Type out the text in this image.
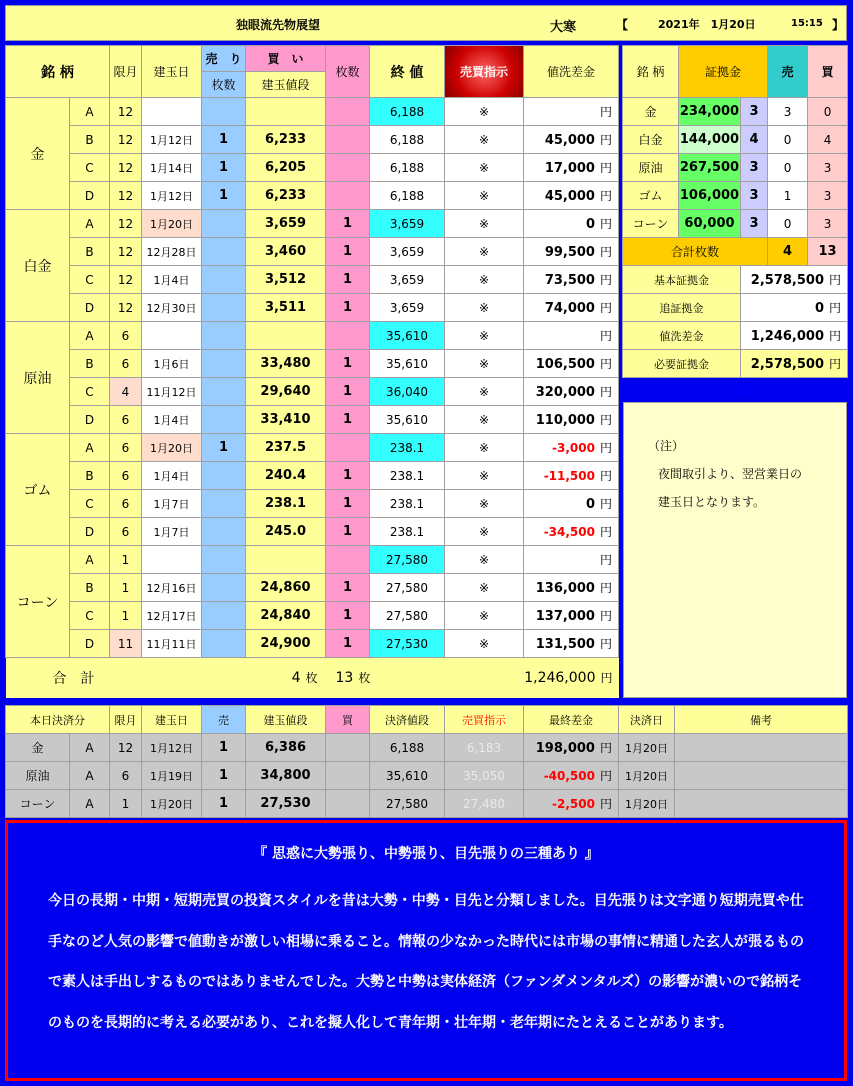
独眼流先物展望	大寒	【	2021年　1月20日	15:15 】
銘 柄		限月	建玉日	売　り	買　い	枚数	終 値	売買指示	値洗差金
				枚数	建玉値段				
金	A	12					6,188	※	円
	B	12	1月12日	1	6,233		6,188	※	45,000 円
	C	12	1月14日	1	6,205		6,188	※	17,000 円
	D	12	1月12日	1	6,233		6,188	※	45,000 円
白金	A	12	1月20日		3,659	1	3,659	※	0 円
	B	12	12月28日		3,460	1	3,659	※	99,500 円
	C	12	1月4日		3,512	1	3,659	※	73,500 円
	D	12	12月30日		3,511	1	3,659	※	74,000 円
原油	A	6					35,610	※	円
	B	6	1月6日		33,480	1	35,610	※	106,500 円
	C	4	11月12日		29,640	1	36,040	※	320,000 円
	D	6	1月4日		33,410	1	35,610	※	110,000 円
ゴム	A	6	1月20日	1	237.5		238.1	※	-3,000 円
	B	6	1月4日		240.4	1	238.1	※	-11,500 円
	C	6	1月7日		238.1	1	238.1	※	0 円
	D	6	1月7日		245.0	1	238.1	※	-34,500 円
コーン	A	1					27,580	※	円
	B	1	12月16日		24,860	1	27,580	※	136,000 円
	C	1	12月17日		24,840	1	27,580	※	137,000 円
	D	11	11月11日		24,900	1	27,530	※	131,500 円
合　計			4 枚			13 枚		1,246,000 円	
銘 柄	証拠金		売	買
金	234,000	3	3	0
白金	144,000	4	0	4
原油	267,500	3	0	3
ゴム	106,000	3	1	3
コーン	60,000	3	0	3
合計枚数			4	13
基本証拠金		2,578,500 円		
追証拠金		0 円		
値洗差金		1,246,000 円		
必要証拠金		2,578,500 円		
MEMO

（注）

夜間取引より、翌営業日の

建玉日となります。

本日決済分		限月	建玉日	売	建玉値段	買	決済値段	売買指示	最終差金	決済日	備考
金	A	12	1月12日	1	6,386		6,188	6,183	198,000 円	1月20日	
原油	A	6	1月19日	1	34,800		35,610	35,050	-40,500 円	1月20日	
コーン	A	1	1月20日	1	27,530		27,580	27,480	-2,500 円	1月20日	
『 思惑に大勢張り、中勢張り、目先張りの三種あり 』
今日の長期・中期・短期売買の投資スタイルを昔は大勢・中勢・目先と分類しました。目先張りは文字通り短期売買や仕手なのど人気の影響で値動きが激しい相場に乗ること。情報の少なかった時代には市場の事情に精通した玄人が張るもので素人は手出しするものではありませんでした。大勢と中勢は実体経済（ファンダメンタルズ）の影響が濃いので銘柄そのものを長期的に考える必要があり、これを擬人化して青年期・壮年期・老年期にたとえることがあります。
